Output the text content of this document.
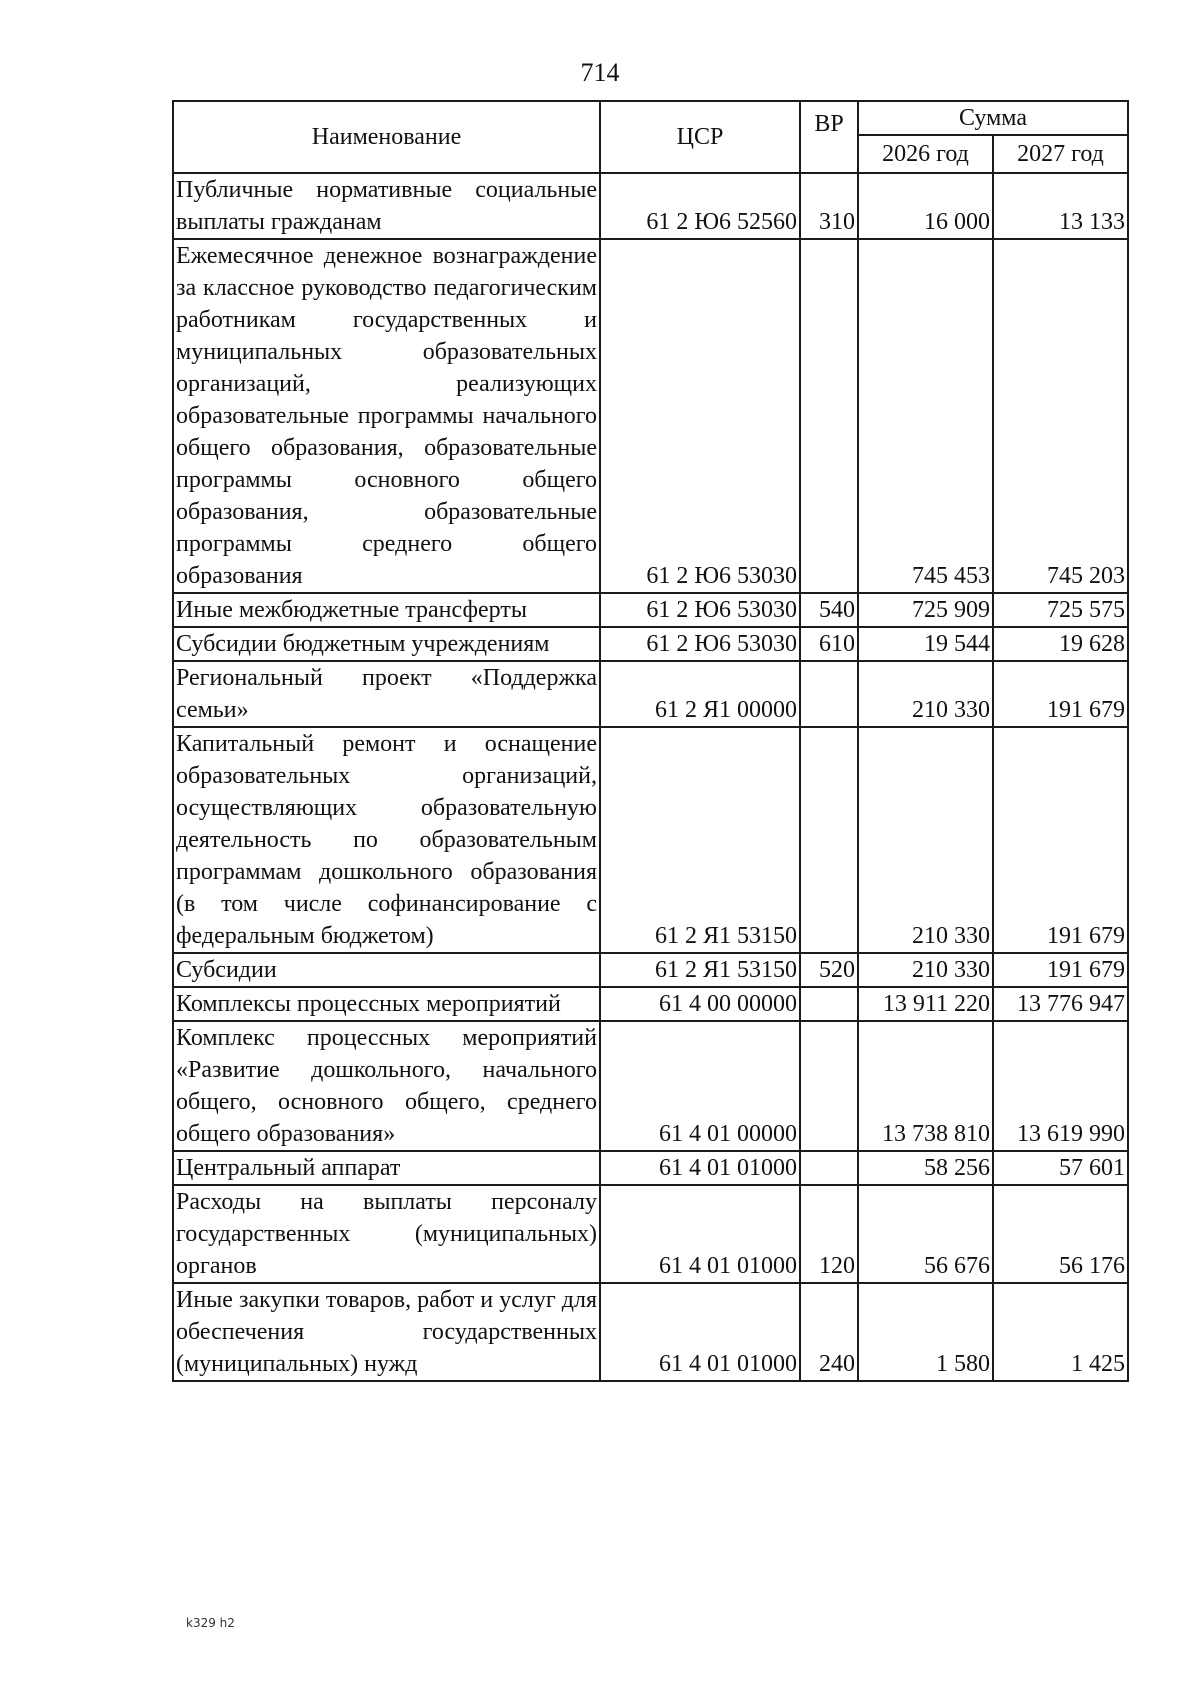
714
Наименование	ЦСР	ВР	Сумма	
			2026 год	2027 год
Публичные нормативные социальные выплаты гражданам	61 2 Ю6 52560	310	16 000	13 133
Ежемесячное денежное вознаграждение за классное руководство педагогическим работникам государственных и муниципальных образовательных организаций, реализующих образовательные программы начального общего образования, образовательные программы основного общего образования, образовательные программы среднего общего образования	61 2 Ю6 53030		745 453	745 203
Иные межбюджетные трансферты	61 2 Ю6 53030	540	725 909	725 575
Субсидии бюджетным учреждениям	61 2 Ю6 53030	610	19 544	19 628
Региональный проект «Поддержка семьи»	61 2 Я1 00000		210 330	191 679
Капитальный ремонт и оснащение образовательных организаций, осуществляющих образовательную деятельность по образовательным программам дошкольного образования (в том числе софинансирование с федеральным бюджетом)	61 2 Я1 53150		210 330	191 679
Субсидии	61 2 Я1 53150	520	210 330	191 679
Комплексы процессных мероприятий	61 4 00 00000		13 911 220	13 776 947
Комплекс процессных мероприятий «Развитие дошкольного, начального общего, основного общего, среднего общего образования»	61 4 01 00000		13 738 810	13 619 990
Центральный аппарат	61 4 01 01000		58 256	57 601
Расходы на выплаты персоналу государственных (муниципальных) органов	61 4 01 01000	120	56 676	56 176
Иные закупки товаров, работ и услуг для обеспечения государственных (муниципальных) нужд	61 4 01 01000	240	1 580	1 425
k329 h2
